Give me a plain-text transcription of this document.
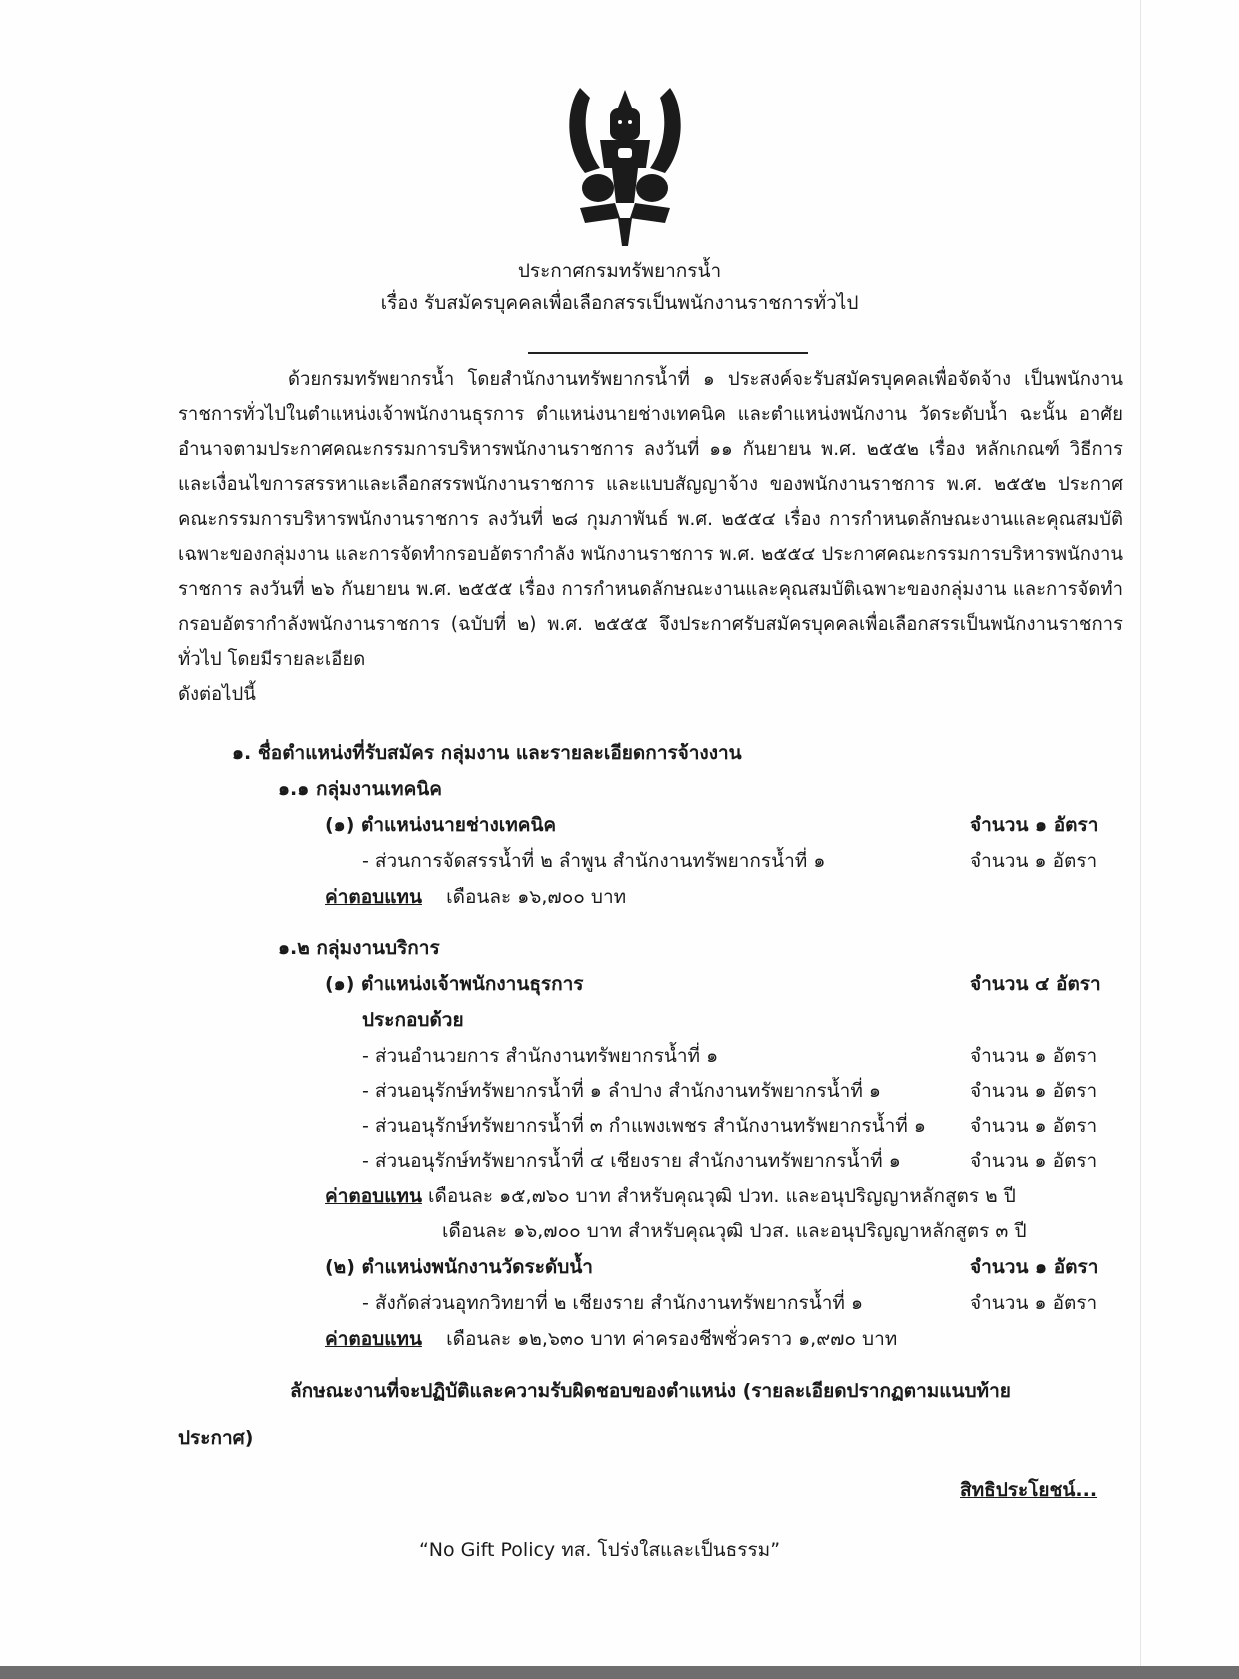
ประกาศกรมทรัพยากรน้ำ
เรื่อง รับสมัครบุคคลเพื่อเลือกสรรเป็นพนักงานราชการทั่วไป
ด้วยกรมทรัพยากรน้ำ โดยสำนักงานทรัพยากรน้ำที่ ๑ ประสงค์จะรับสมัครบุคคลเพื่อจัดจ้าง เป็นพนักงานราชการทั่วไปในตำแหน่งเจ้าพนักงานธุรการ ตำแหน่งนายช่างเทคนิค และตำแหน่งพนักงาน วัดระดับน้ำ ฉะนั้น อาศัยอำนาจตามประกาศคณะกรรมการบริหารพนักงานราชการ ลงวันที่ ๑๑ กันยายน พ.ศ. ๒๕๕๒ เรื่อง หลักเกณฑ์ วิธีการ และเงื่อนไขการสรรหาและเลือกสรรพนักงานราชการ และแบบสัญญาจ้าง ของพนักงานราชการ พ.ศ. ๒๕๕๒ ประกาศคณะกรรมการบริหารพนักงานราชการ ลงวันที่ ๒๘ กุมภาพันธ์ พ.ศ. ๒๕๕๔ เรื่อง การกำหนดลักษณะงานและคุณสมบัติเฉพาะของกลุ่มงาน และการจัดทำกรอบอัตรากำลัง พนักงานราชการ พ.ศ. ๒๕๕๔ ประกาศคณะกรรมการบริหารพนักงานราชการ ลงวันที่ ๒๖ กันยายน พ.ศ. ๒๕๕๕ เรื่อง การกำหนดลักษณะงานและคุณสมบัติเฉพาะของกลุ่มงาน และการจัดทำกรอบอัตรากำลังพนักงานราชการ (ฉบับที่ ๒) พ.ศ. ๒๕๕๕ จึงประกาศรับสมัครบุคคลเพื่อเลือกสรรเป็นพนักงานราชการทั่วไป โดยมีรายละเอียด
ดังต่อไปนี้
๑. ชื่อตำแหน่งที่รับสมัคร กลุ่มงาน และรายละเอียดการจ้างงาน
๑.๑ กลุ่มงานเทคนิค
(๑) ตำแหน่งนายช่างเทคนิค	จำนวน ๑ อัตรา
- ส่วนการจัดสรรน้ำที่ ๒ ลำพูน สำนักงานทรัพยากรน้ำที่ ๑	จำนวน ๑ อัตรา
ค่าตอบแทน เดือนละ ๑๖,๗๐๐ บาท
๑.๒ กลุ่มงานบริการ
(๑) ตำแหน่งเจ้าพนักงานธุรการ	จำนวน ๔ อัตรา
ประกอบด้วย
- ส่วนอำนวยการ สำนักงานทรัพยากรน้ำที่ ๑	จำนวน ๑ อัตรา
- ส่วนอนุรักษ์ทรัพยากรน้ำที่ ๑ ลำปาง สำนักงานทรัพยากรน้ำที่ ๑	จำนวน ๑ อัตรา
- ส่วนอนุรักษ์ทรัพยากรน้ำที่ ๓ กำแพงเพชร สำนักงานทรัพยากรน้ำที่ ๑ จำนวน ๑ อัตรา
- ส่วนอนุรักษ์ทรัพยากรน้ำที่ ๔ เชียงราย สำนักงานทรัพยากรน้ำที่ ๑	จำนวน ๑ อัตรา
ค่าตอบแทน เดือนละ ๑๕,๗๖๐ บาท สำหรับคุณวุฒิ ปวท. และอนุปริญญาหลักสูตร ๒ ปี
เดือนละ ๑๖,๗๐๐ บาท สำหรับคุณวุฒิ ปวส. และอนุปริญญาหลักสูตร ๓ ปี
(๒) ตำแหน่งพนักงานวัดระดับน้ำ	จำนวน ๑ อัตรา
- สังกัดส่วนอุทกวิทยาที่ ๒ เชียงราย สำนักงานทรัพยากรน้ำที่ ๑	จำนวน ๑ อัตรา
ค่าตอบแทน เดือนละ ๑๒,๖๓๐ บาท ค่าครองชีพชั่วคราว ๑,๙๗๐ บาท
ลักษณะงานที่จะปฏิบัติและความรับผิดชอบของตำแหน่ง (รายละเอียดปรากฏตามแนบท้าย
ประกาศ)
สิทธิประโยชน์...
“No Gift Policy ทส. โปร่งใสและเป็นธรรม”
